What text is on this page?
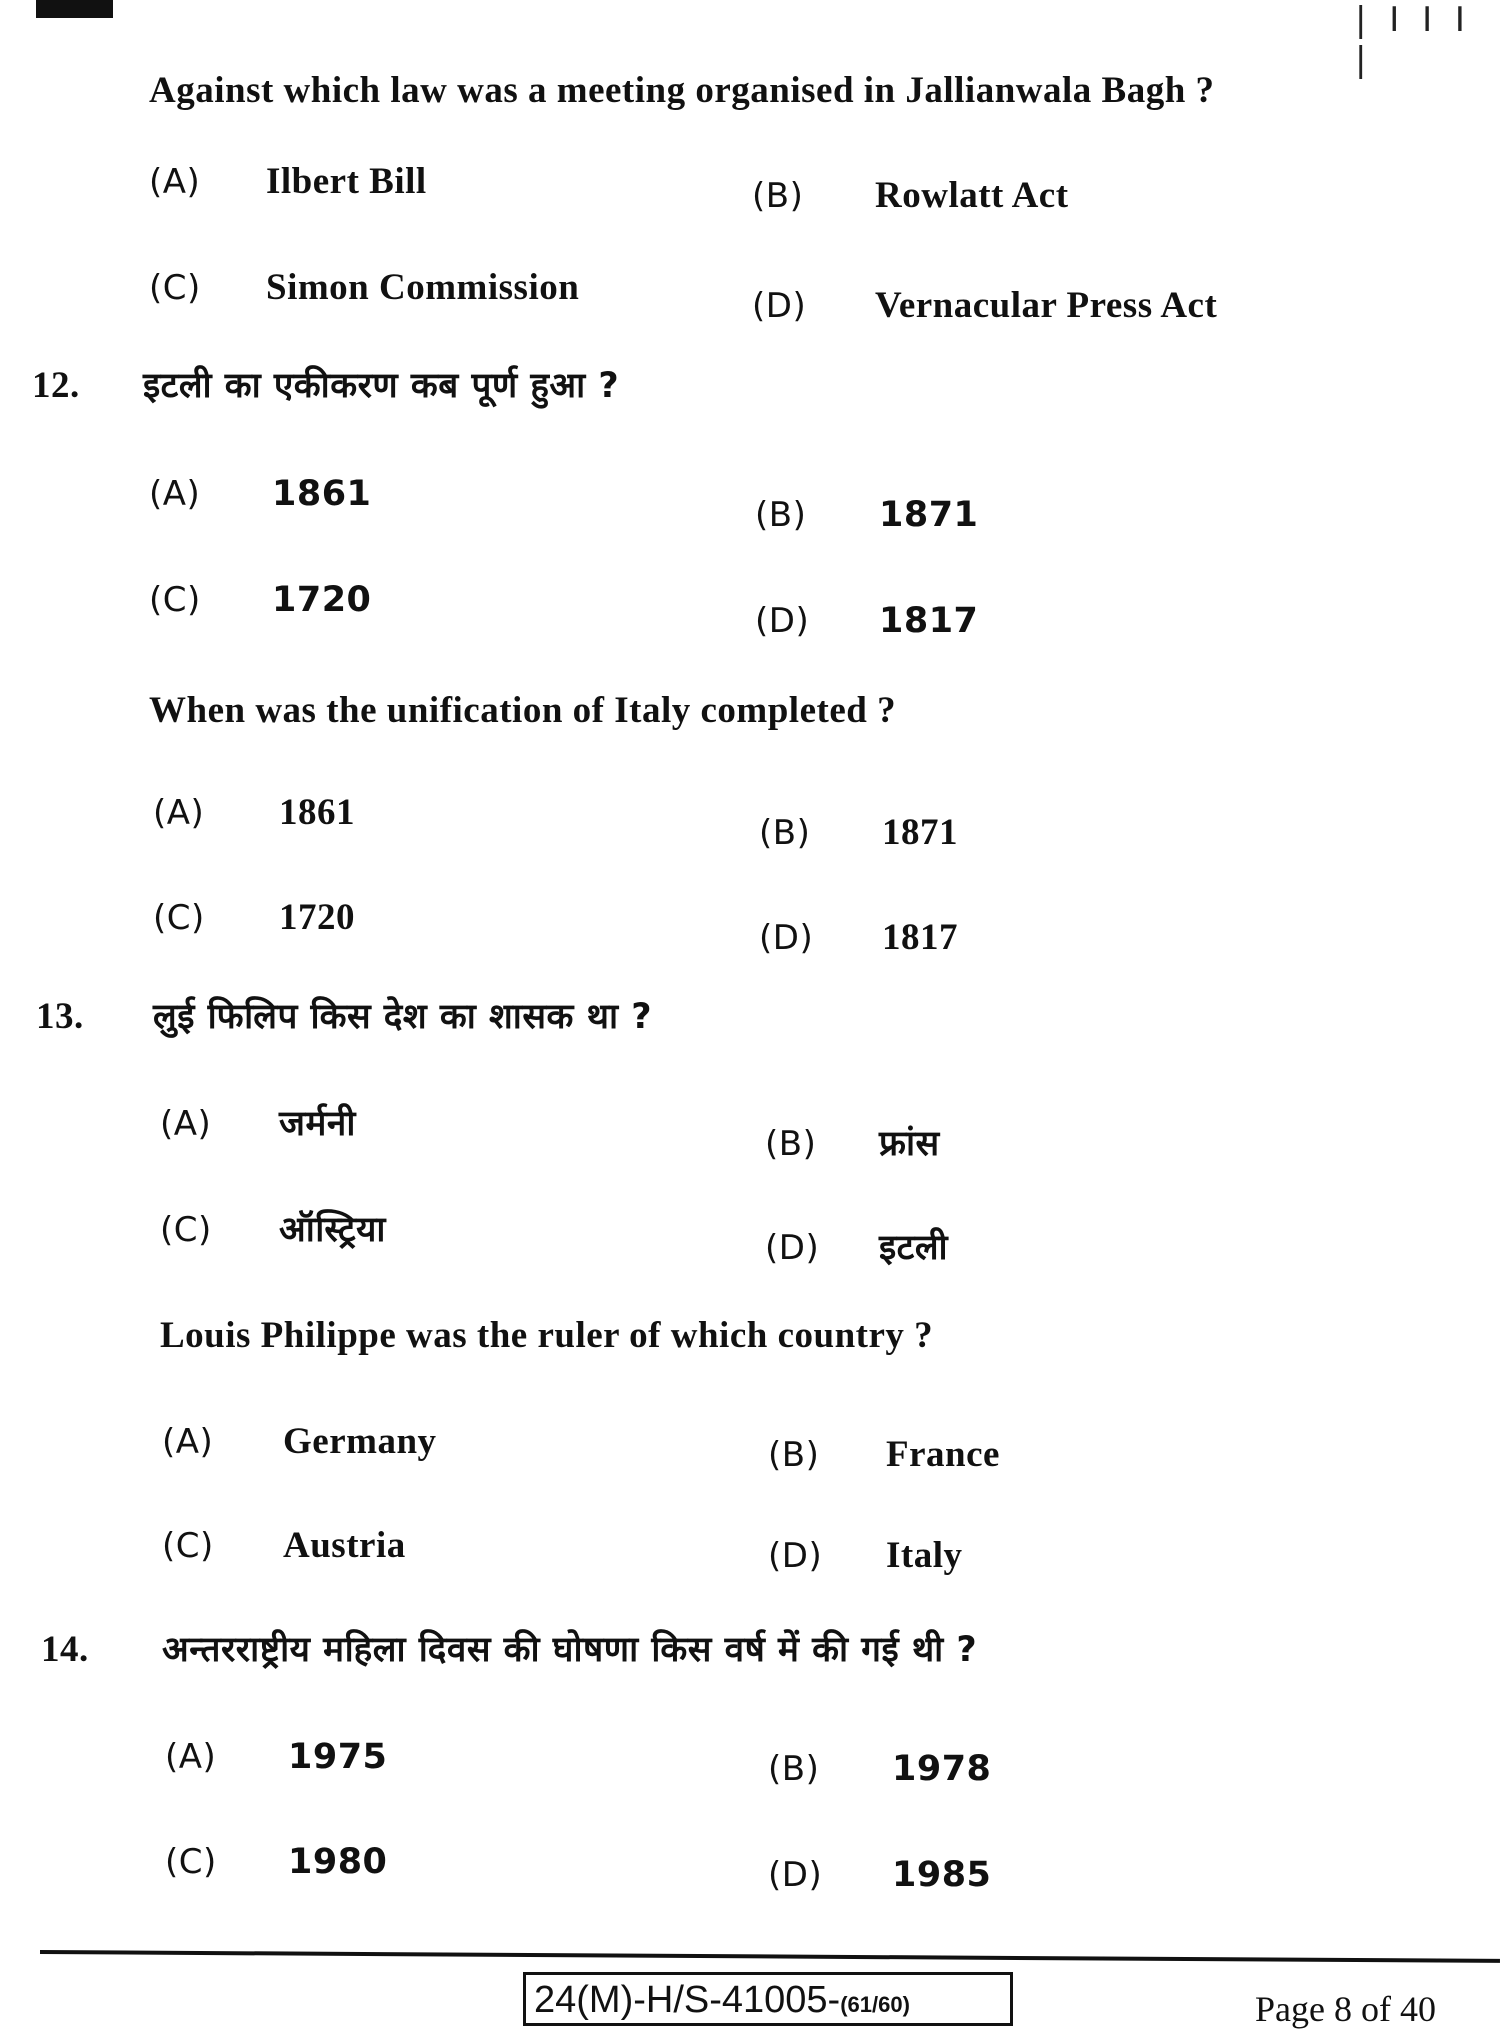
| I I I |
Against which law was a meeting organised in Jallianwala Bagh ?
(A) Ilbert Bill	(B) Rowlatt Act
(C) Simon Commission	(D) Vernacular Press Act
12. इटली का एकीकरण कब पूर्ण हुआ ?
(A) 1861
(B) 1871
(C) 1720
(D) 1817
When was the unification of Italy completed ?
(A) 1861	(B) 1871
(C) 1720	(D) 1817
13. लुई फिलिप किस देश का शासक था ?
(A) जर्मनी	(B) फ्रांस
(C) ऑस्ट्रिया	(D) इटली
Louis Philippe was the ruler of which country ?
(A) Germany	(B) France
(C) Austria	(D) Italy
14. अन्तरराष्ट्रीय महिला दिवस की घोषणा किस वर्ष में की गई थी ?
(A) 1975	(B) 1978
(C) 1980	(D) 1985
24(M)-H/S-41005-(61/60)	Page 8 of 40
